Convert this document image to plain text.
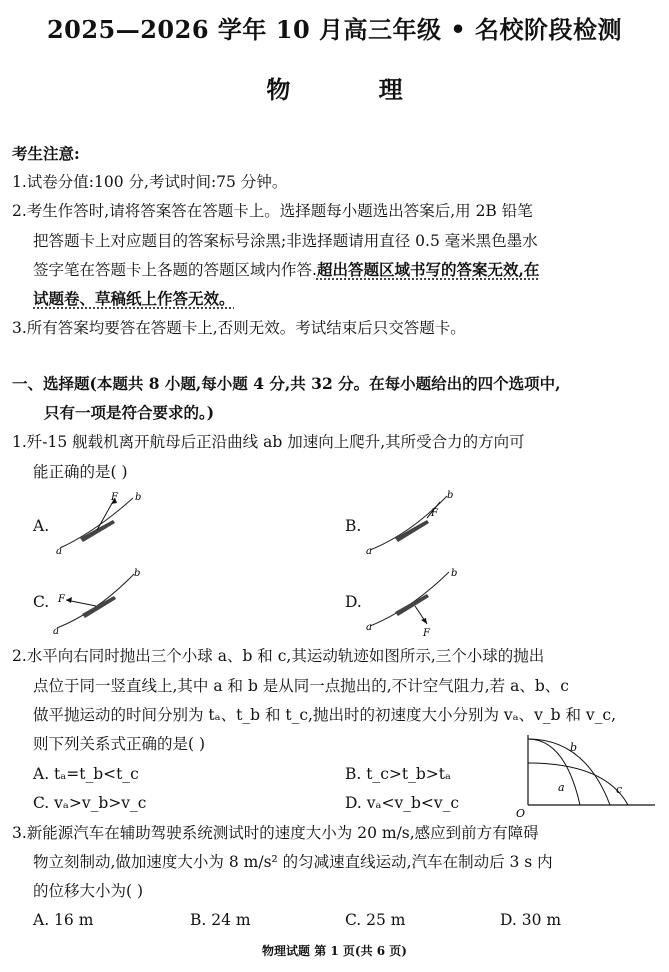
2025—2026 学年 10 月高三年级 • 名校阶段检测
物 理
考生注意:
1.试卷分值:100 分,考试时间:75 分钟。
2.考生作答时,请将答案答在答题卡上。选择题每小题选出答案后,用 2B 铅笔
把答题卡上对应题目的答案标号涂黑;非选择题请用直径 0.5 毫米黑色墨水
签字笔在答题卡上各题的答题区域内作答.超出答题区域书写的答案无效,在
试题卷、草稿纸上作答无效。
3.所有答案均要答在答题卡上,否则无效。考试结束后只交答题卡。
一、选择题(本题共 8 小题,每小题 4 分,共 32 分。在每小题给出的四个选项中,
只有一项是符合要求的。)
1.歼-15 舰载机离开航母后正沿曲线 ab 加速向上爬升,其所受合力的方向可
能正确的是( )
A.	B.
C.	D.
F b
a
F
b
a
F
b
a	F
b
a
2.水平向右同时抛出三个小球 a、b 和 c,其运动轨迹如图所示,三个小球的抛出
点位于同一竖直线上,其中 a 和 b 是从同一点抛出的,不计空气阻力,若 a、b、c
做平抛运动的时间分别为 tₐ、t_b 和 t_c,抛出时的初速度大小分别为 vₐ、v_b 和 v_c,
则下列关系式正确的是( )
A. tₐ=t_b<t_c	B. t_c>t_b>tₐ
C. vₐ>v_b>v_c	D. vₐ<v_b<v_c
b
a	c
O
3.新能源汽车在辅助驾驶系统测试时的速度大小为 20 m/s,感应到前方有障碍
物立刻制动,做加速度大小为 8 m/s² 的匀减速直线运动,汽车在制动后 3 s 内
的位移大小为( )
A. 16 m	B. 24 m	C. 25 m	D. 30 m
物理试题 第 1 页(共 6 页)
